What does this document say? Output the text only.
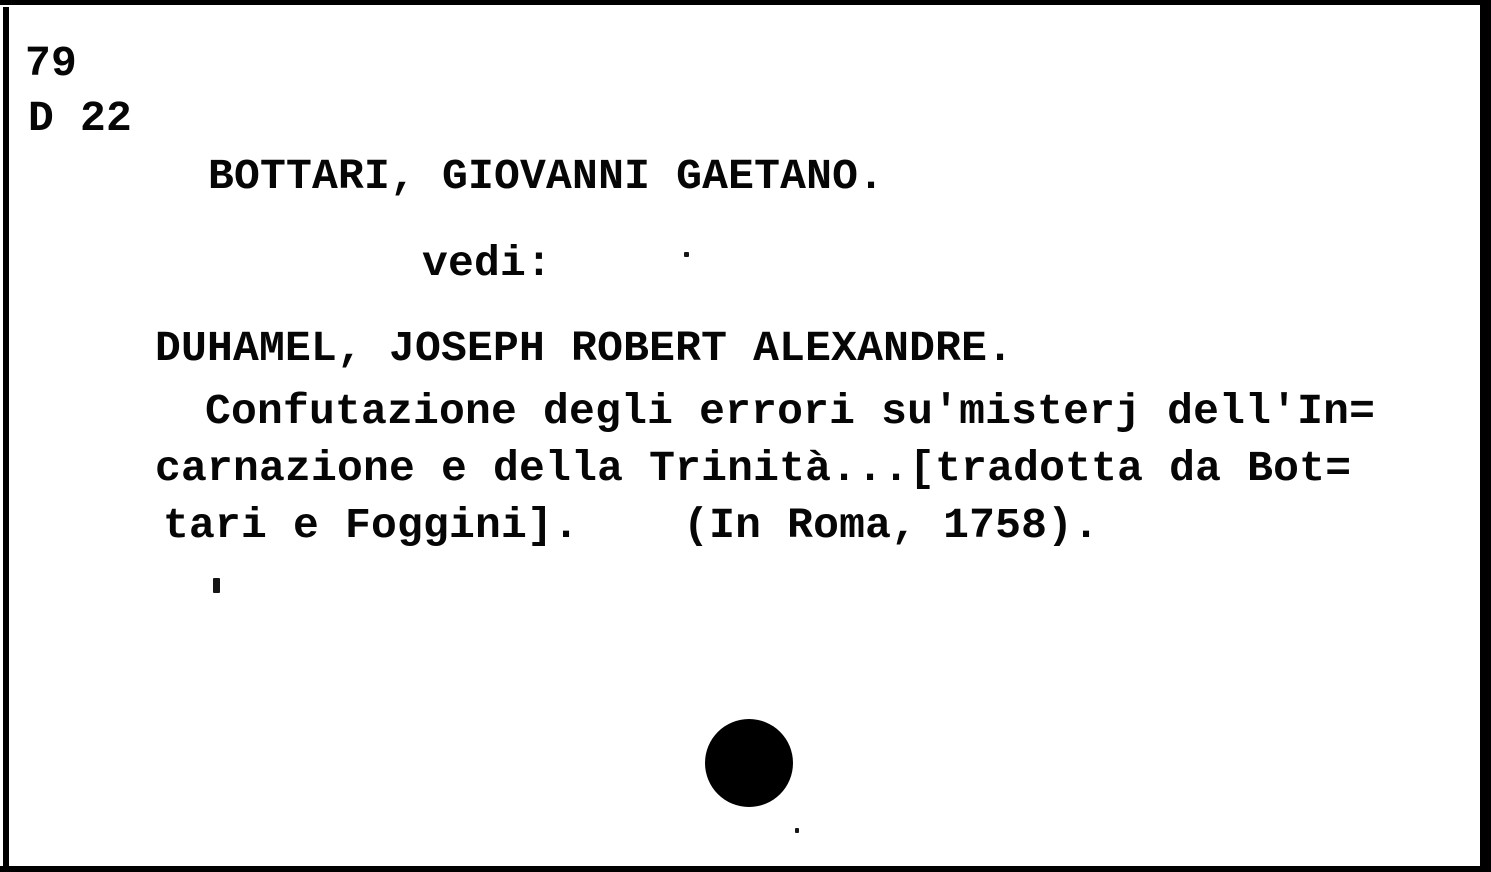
79
D 22
BOTTARI, GIOVANNI GAETANO.
vedi:
DUHAMEL, JOSEPH ROBERT ALEXANDRE.
Confutazione degli errori su'misterj dell'In=
carnazione e della Trinità...[tradotta da Bot=
tari e Foggini].    (In Roma, 1758).
